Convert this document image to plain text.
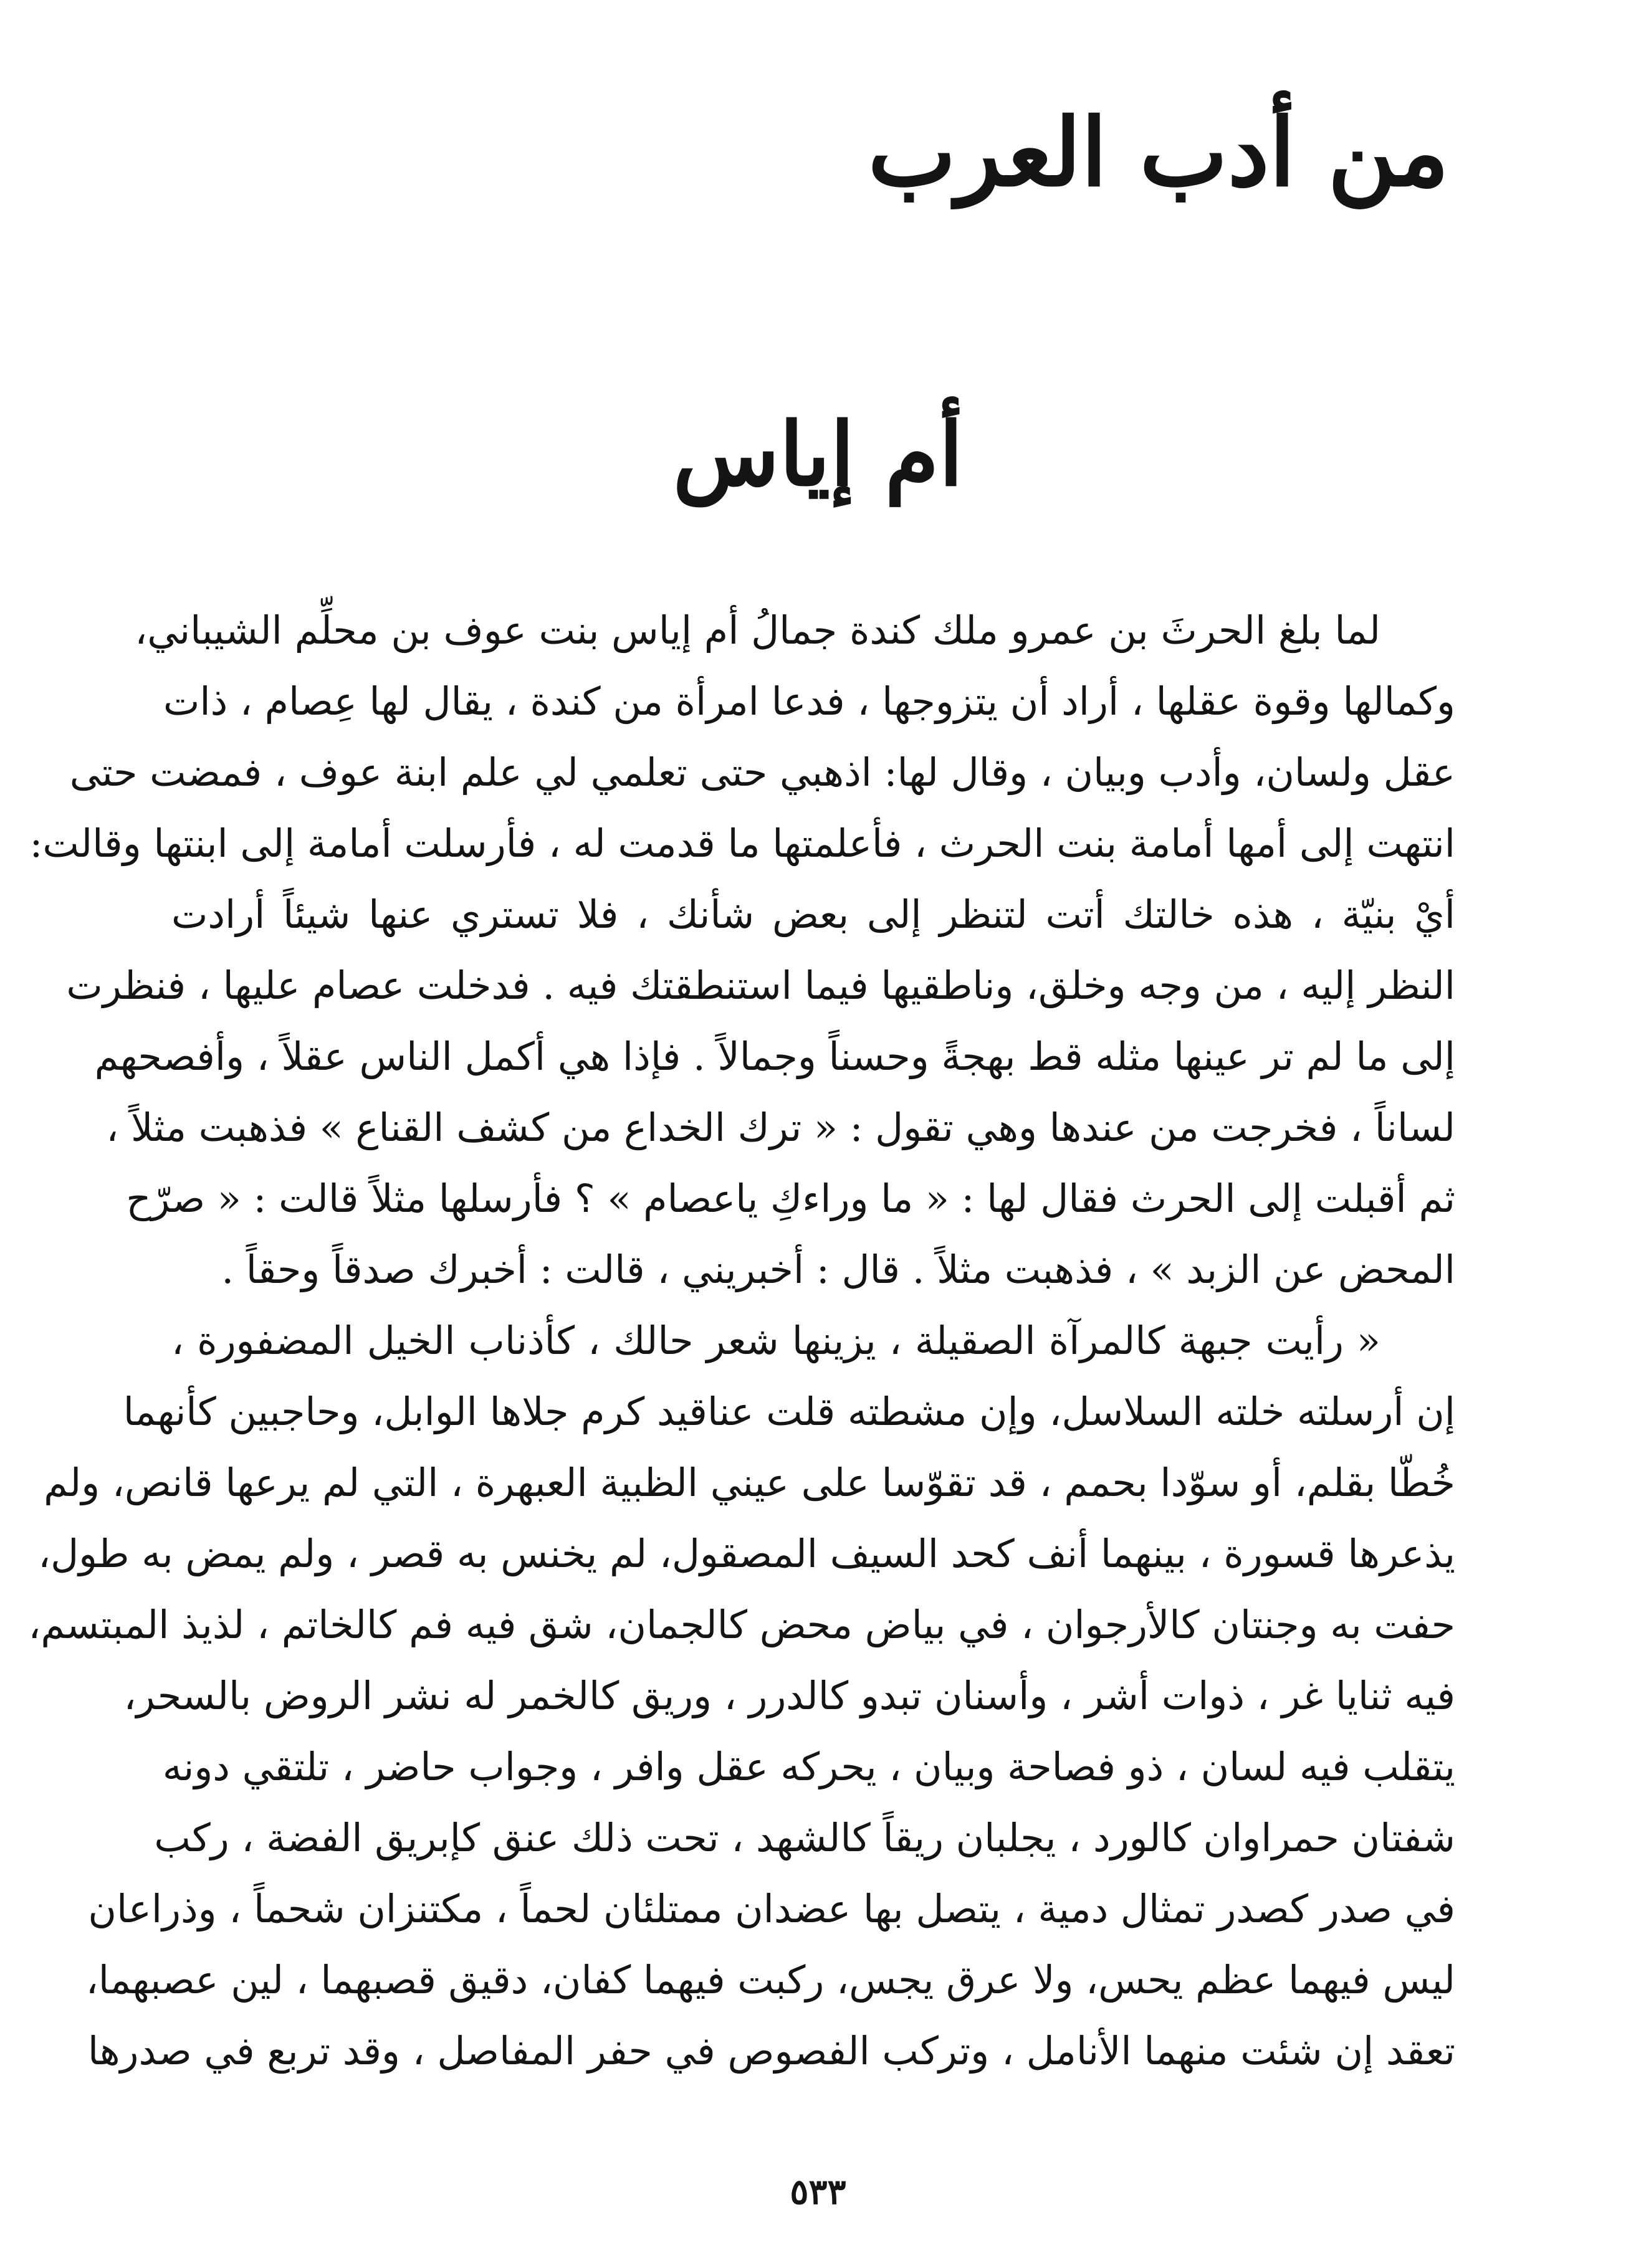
من أدب العرب
أم إياس
لما بلغ الحرثَ بن عمرو ملك كندة جمالُ أم إياس بنت عوف بن محلِّم الشيباني،
وكمالها وقوة عقلها ، أراد أن يتزوجها ، فدعا امرأة من كندة ، يقال لها عِصام ، ذات
عقل ولسان، وأدب وبيان ، وقال لها: اذهبي حتى تعلمي لي علم ابنة عوف ، فمضت حتى
انتهت إلى أمها أمامة بنت الحرث ، فأعلمتها ما قدمت له ، فأرسلت أمامة إلى ابنتها وقالت:
أيْ بنيّة ، هذه خالتك أتت لتنظر إلى بعض شأنك ، فلا تستري عنها شيئاً أرادت
النظر إليه ، من وجه وخلق، وناطقيها فيما استنطقتك فيه . فدخلت عصام عليها ، فنظرت
إلى ما لم تر عينها مثله قط بهجةً وحسناً وجمالاً . فإذا هي أكمل الناس عقلاً ، وأفصحهم
لساناً ، فخرجت من عندها وهي تقول : « ترك الخداع من كشف القناع » فذهبت مثلاً ،
ثم أقبلت إلى الحرث فقال لها : « ما وراءكِ ياعصام » ؟ فأرسلها مثلاً قالت : « صرّح
المحض عن الزبد » ، فذهبت مثلاً . قال : أخبريني ، قالت : أخبرك صدقاً وحقاً .
« رأيت جبهة كالمرآة الصقيلة ، يزينها شعر حالك ، كأذناب الخيل المضفورة ،
إن أرسلته خلته السلاسل، وإن مشطته قلت عناقيد كرم جلاها الوابل، وحاجبين كأنهما
خُطّا بقلم، أو سوّدا بحمم ، قد تقوّسا على عيني الظبية العبهرة ، التي لم يرعها قانص، ولم
يذعرها قسورة ، بينهما أنف كحد السيف المصقول، لم يخنس به قصر ، ولم يمض به طول،
حفت به وجنتان كالأرجوان ، في بياض محض كالجمان، شق فيه فم كالخاتم ، لذيذ المبتسم،
فيه ثنايا غر ، ذوات أشر ، وأسنان تبدو كالدرر ، وريق كالخمر له نشر الروض بالسحر،
يتقلب فيه لسان ، ذو فصاحة وبيان ، يحركه عقل وافر ، وجواب حاضر ، تلتقي دونه
شفتان حمراوان كالورد ، يجلبان ريقاً كالشهد ، تحت ذلك عنق كإبريق الفضة ، ركب
في صدر كصدر تمثال دمية ، يتصل بها عضدان ممتلئان لحماً ، مكتنزان شحماً ، وذراعان
ليس فيهما عظم يحس، ولا عرق يجس، ركبت فيهما كفان، دقيق قصبهما ، لين عصبهما،
تعقد إن شئت منهما الأنامل ، وتركب الفصوص في حفر المفاصل ، وقد تربع في صدرها
٥٣٣
